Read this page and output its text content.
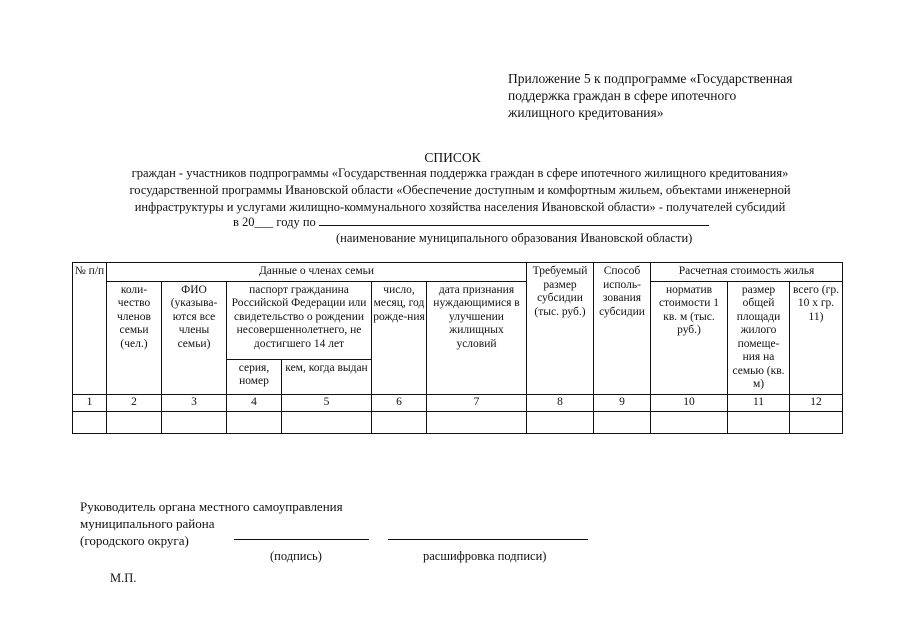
Приложение 5 к подпрограмме «Государственная
поддержка граждан в сфере ипотечного
жилищного кредитования»
СПИСОК
граждан - участников подпрограммы «Государственная поддержка граждан в сфере ипотечного жилищного кредитования»
государственной программы Ивановской области «Обеспечение доступным и комфортным жильем, объектами инженерной
инфраструктуры и услугами жилищно-коммунального хозяйства населения Ивановской области» - получателей субсидий
в 20___ году по
(наименование муниципального образования Ивановской области)
№ п/п	Данные о членах семьи						Требуемый размер субсидии (тыс. руб.)	Способ исполь-зования субсидии	Расчетная стоимость жилья		
	коли-чество членов семьи (чел.)	ФИО (указыва-ются все члены семьи)	паспорт гражданина Российской Федерации или свидетельство о рождении несовершеннолетнего, не достигшего 14 лет		число, месяц, год рожде-ния	дата признания нуждающимися в улучшении жилищных условий			норматив стоимости 1 кв. м (тыс. руб.)	размер общей площади жилого помеще-ния на семью (кв. м)	всего (гр. 10 х гр. 11)
			серия, номер	кем, когда выдан							
1	2	3	4	5	6	7	8	9	10	11	12

Руководитель органа местного самоуправления
муниципального района
(городского округа)
(подпись)	расшифровка подписи)
М.П.
